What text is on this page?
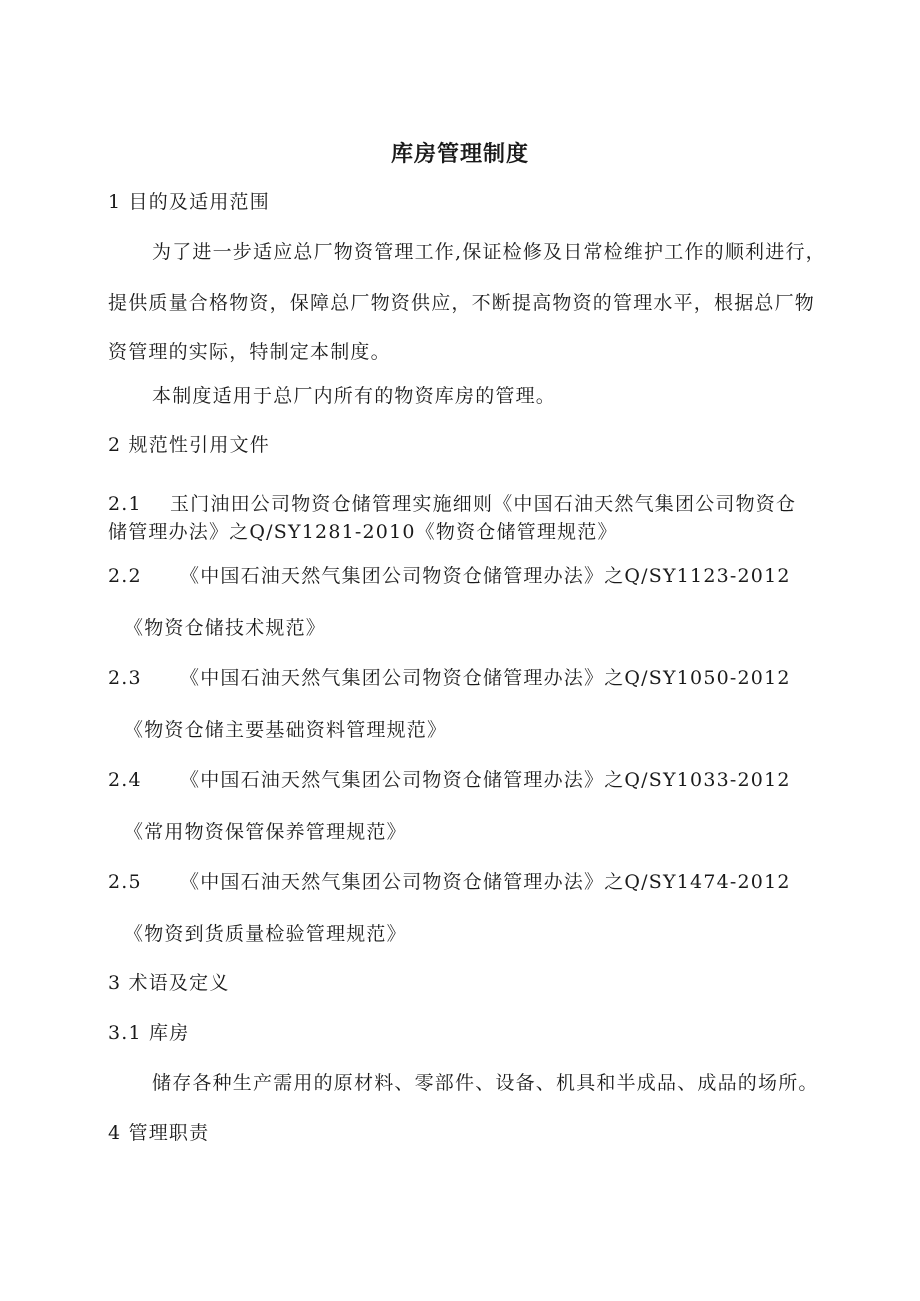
库房管理制度
1 目的及适用范围
为了进一步适应总厂物资管理工作,保证检修及日常检维护工作的顺利进行，
提供质量合格物资，保障总厂物资供应，不断提高物资的管理水平，根据总厂物
资管理的实际，特制定本制度。
本制度适用于总厂内所有的物资库房的管理。
2 规范性引用文件
2.1 玉门油田公司物资仓储管理实施细则《中国石油天然气集团公司物资仓
储管理办法》之Q/SY1281-2010《物资仓储管理规范》
2.2 《中国石油天然气集团公司物资仓储管理办法》之Q/SY1123-2012
《物资仓储技术规范》
2.3 《中国石油天然气集团公司物资仓储管理办法》之Q/SY1050-2012
《物资仓储主要基础资料管理规范》
2.4 《中国石油天然气集团公司物资仓储管理办法》之Q/SY1033-2012
《常用物资保管保养管理规范》
2.5 《中国石油天然气集团公司物资仓储管理办法》之Q/SY1474-2012
《物资到货质量检验管理规范》
3 术语及定义
3.1 库房
储存各种生产需用的原材料、零部件、设备、机具和半成品、成品的场所。
4 管理职责
